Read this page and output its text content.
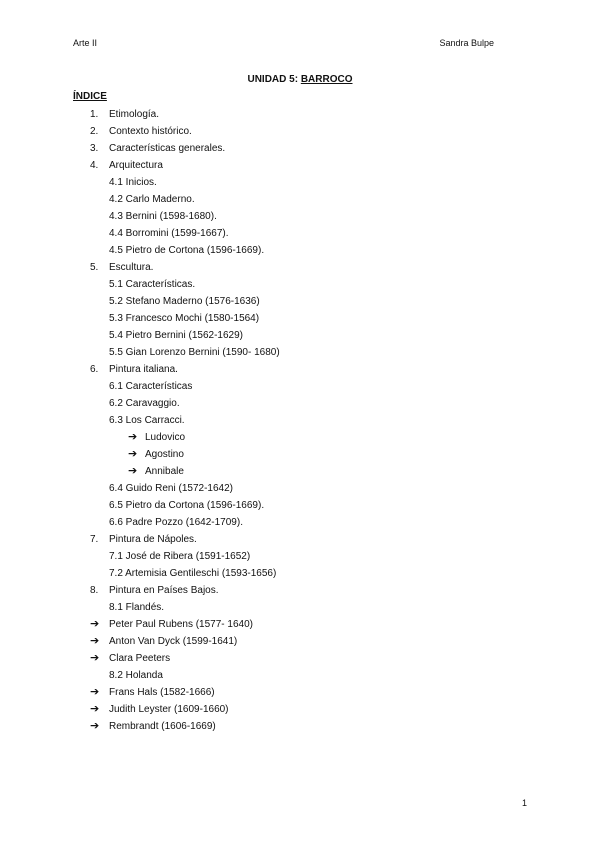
Arte II	Sandra Bulpe
UNIDAD 5: BARROCO
ÍNDICE
1. Etimología.
2. Contexto histórico.
3. Características generales.
4. Arquitectura
4.1 Inicios.
4.2 Carlo Maderno.
4.3 Bernini (1598-1680).
4.4 Borromini (1599-1667).
4.5 Pietro de Cortona (1596-1669).
5. Escultura.
5.1 Características.
5.2 Stefano Maderno (1576-1636)
5.3 Francesco Mochi (1580-1564)
5.4 Pietro Bernini (1562-1629)
5.5 Gian Lorenzo Bernini (1590- 1680)
6. Pintura italiana.
6.1 Características
6.2 Caravaggio.
6.3 Los Carracci.
➔ Ludovico
➔ Agostino
➔ Annibale
6.4 Guido Reni (1572-1642)
6.5 Pietro da Cortona (1596-1669).
6.6 Padre Pozzo (1642-1709).
7. Pintura de Nápoles.
7.1 José de Ribera (1591-1652)
7.2 Artemisia Gentileschi (1593-1656)
8. Pintura en Países Bajos.
8.1 Flandés.
➔ Peter Paul Rubens (1577- 1640)
➔ Anton Van Dyck (1599-1641)
➔ Clara Peeters
8.2 Holanda
➔ Frans Hals (1582-1666)
➔ Judith Leyster (1609-1660)
➔ Rembrandt (1606-1669)
1
